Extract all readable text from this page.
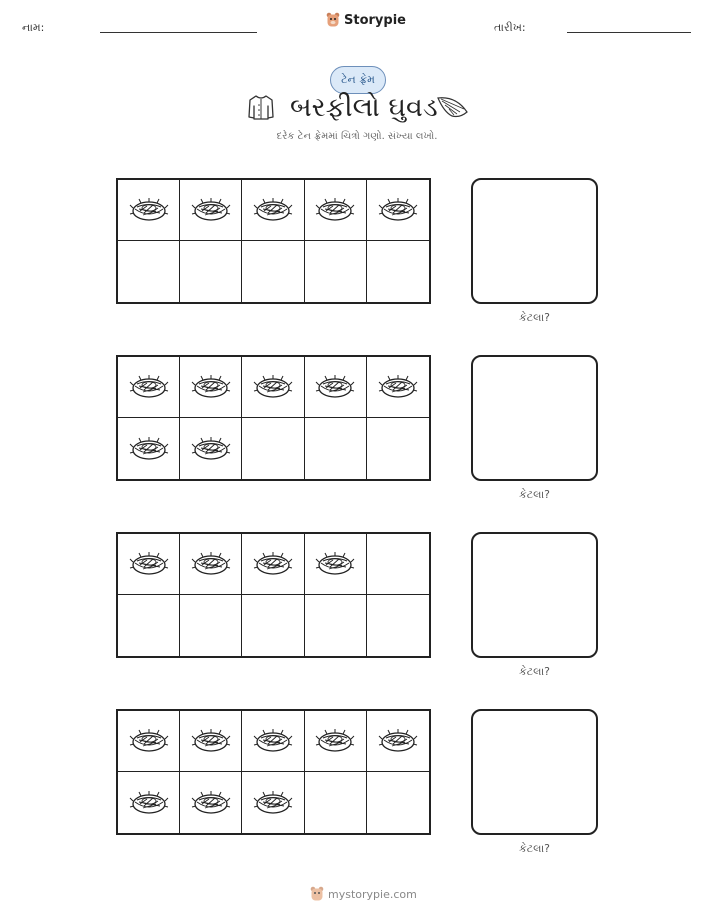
નામ:	Storypie	તારીખ:
ટેન ફ્રેમ
બરફીલો ઘુવડ
દરેક ટેન ફ્રેમમાં ચિત્રો ગણો. સંખ્યા લખો.
કેટલા?
કેટલા?
કેટલા?
કેટલા?
mystorypie.com
